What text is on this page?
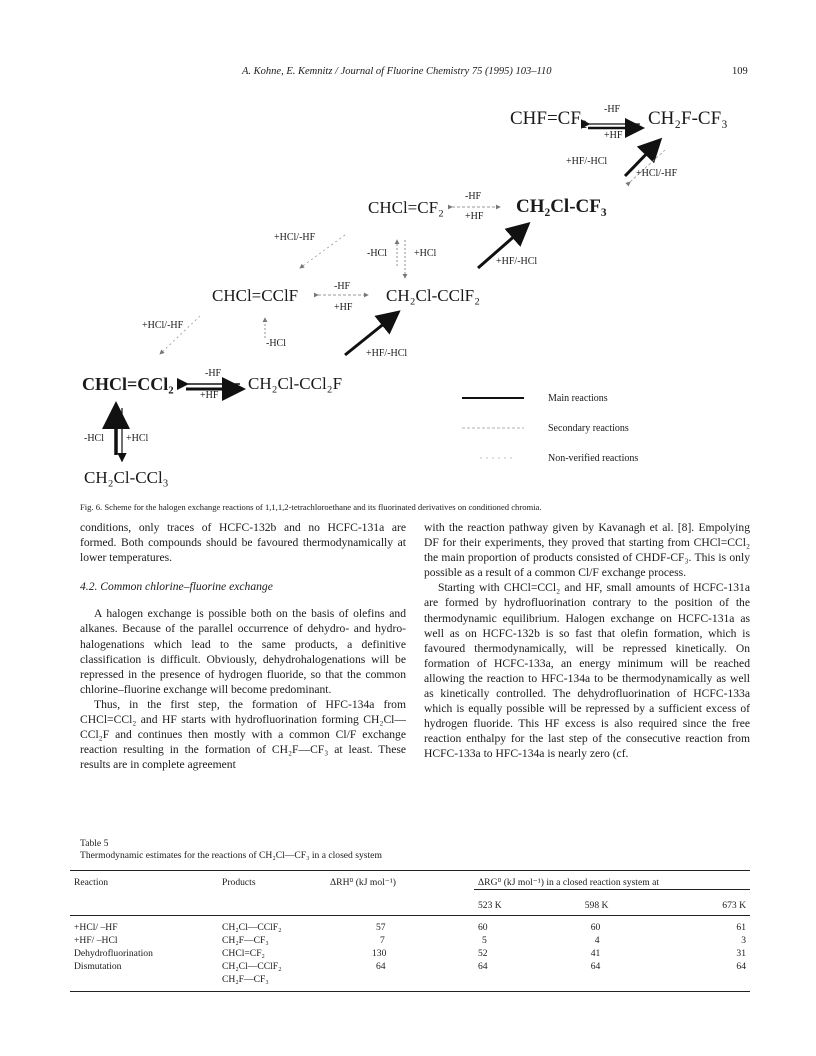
A. Kohne, E. Kemnitz / Journal of Fluorine Chemistry 75 (1995) 103–110	109
CHF=CF₂ -HF
+HF
CH₂F-CF₃
+HF/-HCl
+HCl/-HF
CHCl=CF₂
-HF
+HF CH₂Cl-CF₃
+HCl/-HF
-HCl	+HCl
+HF/-HCl
CHCl=CClF	-HF
+HF
CH₂Cl-CClF₂
+HCl/-HF
-HCl
+HF/-HCl
CHCl=CCl₂
-HF
+HF
CH₂Cl-CCl₂F
Main reactions
Secondary reactions
Non-verified reactions
-HCl +HCl
CH₂Cl-CCl₃
Fig. 6. Scheme for the halogen exchange reactions of 1,1,1,2-tetrachloroethane and its fluorinated derivatives on conditioned chromia.

conditions, only traces of HCFC-132b and no HCFC-131a are formed. Both compounds should be favoured thermodynamically at lower temperatures.

4.2. Common chlorine–fluorine exchange

A halogen exchange is possible both on the basis of olefins and alkanes. Because of the parallel occurrence of dehydro- and hydro-halogenations which lead to the same products, a definitive classification is difficult. Obviously, dehydrohalogenations will be repressed in the presence of hydrogen fluoride, so that the common chlorine–fluorine exchange will become predominant.

Thus, in the first step, the formation of HFC-134a from CHCl=CCl₂ and HF starts with hydrofluorination forming CH₂Cl—CCl₂F and continues then mostly with a common Cl/F exchange reaction resulting in the formation of CH₂F—CF₃ at least. These results are in complete agreement

with the reaction pathway given by Kavanagh et al. [8]. Empolying DF for their experiments, they proved that starting from CHCl=CCl₂ the main proportion of products consisted of CHDF-CF₃. This is only possible as a result of a common Cl/F exchange process.

Starting with CHCl=CCl₂ and HF, small amounts of HCFC-131a are formed by hydrofluorination contrary to the position of the thermodynamic equilibrium. Halogen exchange on HCFC-131a as well as on HCFC-132b is so fast that olefin formation, which is favoured thermodynamically, will be repressed kinetically. On formation of HCFC-133a, an energy minimum will be reached allowing the reaction to HFC-134a to be thermodynamically as well as kinetically controlled. The dehydrofluorination of HCFC-133a which is equally possible will be repressed by a sufficient excess of hydrogen fluoride. This HF excess is also required since the free reaction enthalpy for the last step of the consecutive reaction from HCFC-133a to HFC-134a is nearly zero (cf.

Table 5
Thermodynamic estimates for the reactions of CH₂Cl—CF₃ in a closed system
Reaction	Products	ΔRH⁰ (kJ mol⁻¹)	ΔRG⁰ (kJ mol⁻¹) in a closed reaction system at		
			523 K	598 K	673 K
+HCl/ –HF	CH₂Cl—CClF₂	57	60	60	61
+HF/ –HCl	CH₂F—CF₃	7	5	4	3
Dehydrofluorination	CHCl=CF₂	130	52	41	31
Dismutation	CH₂Cl—CClF₂	64	64	64	64
	CH₂F—CF₃				
